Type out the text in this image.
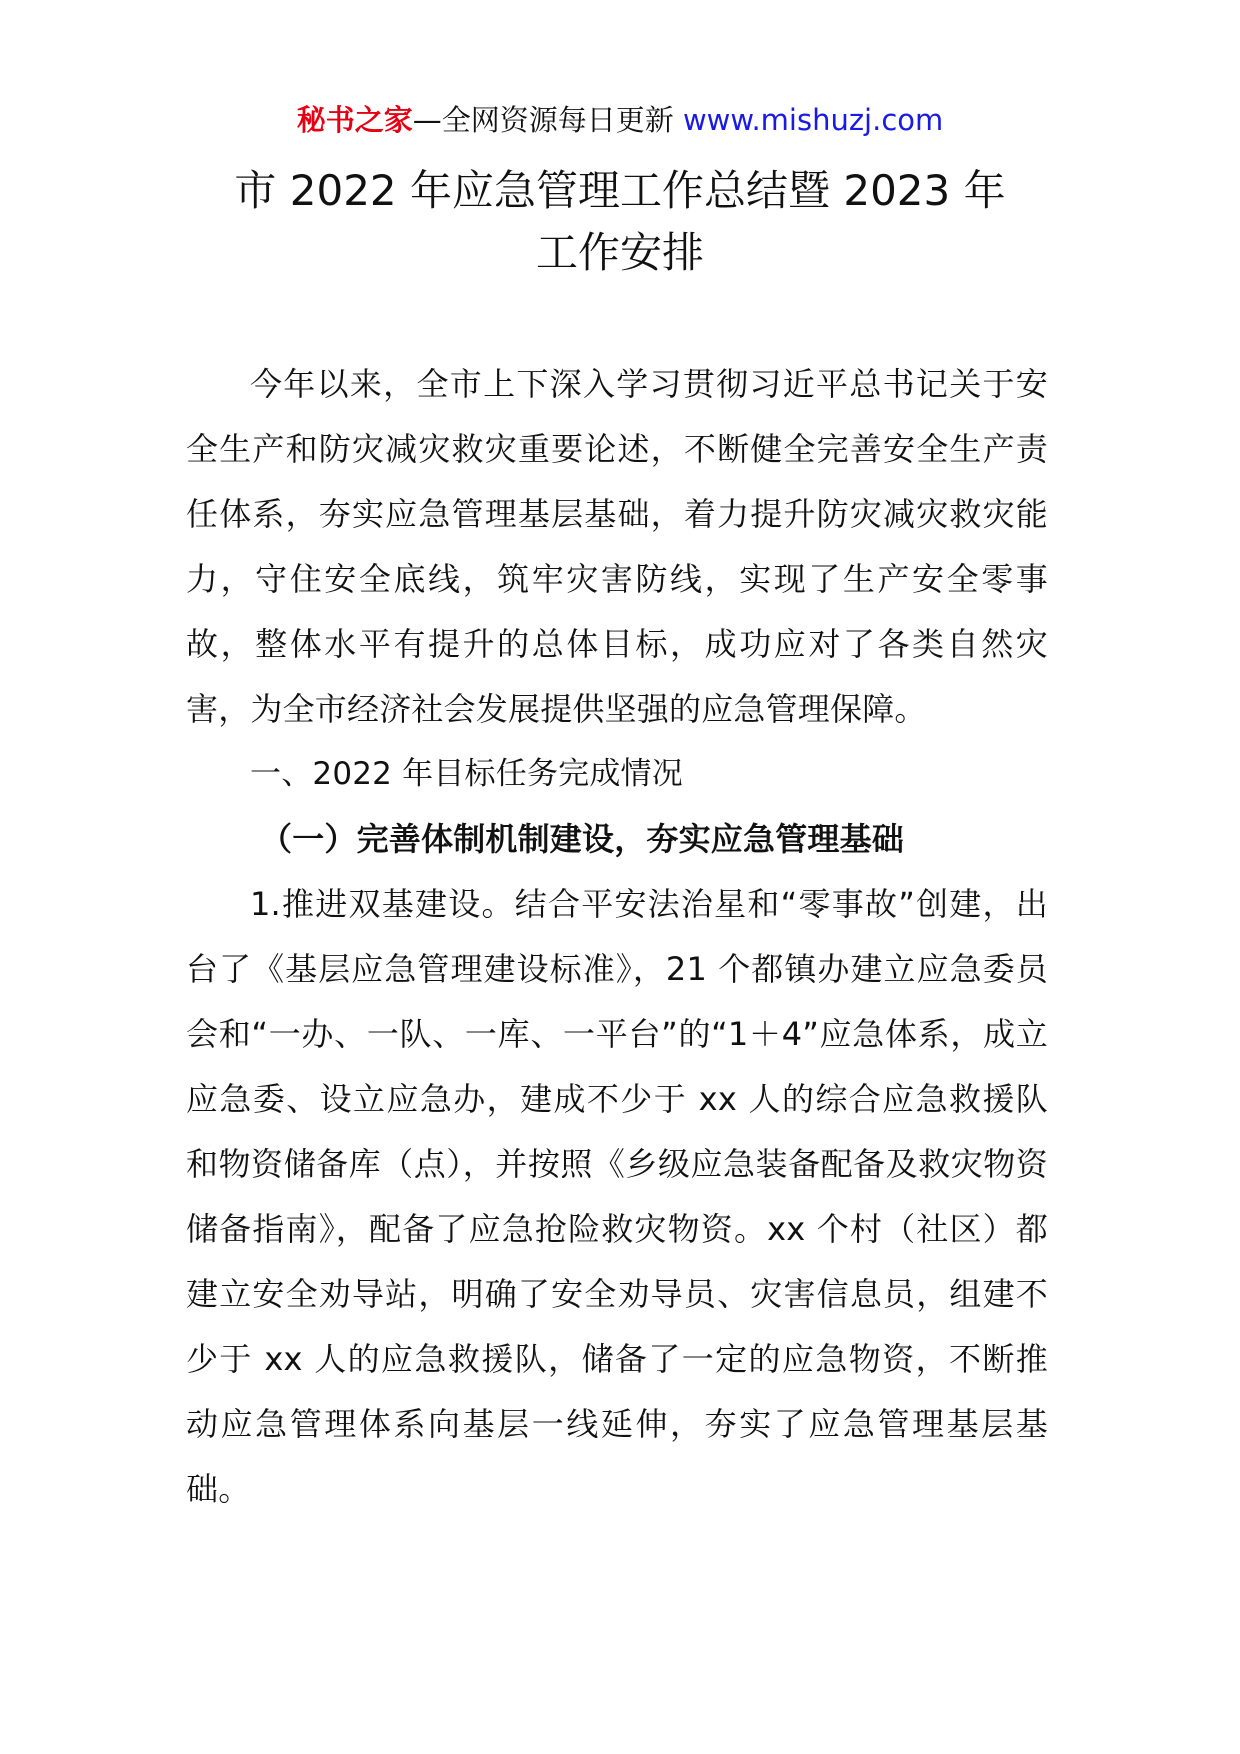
秘书之家—全网资源每日更新 www.mishuzj.com
市 2022 年应急管理工作总结暨 2023 年
工作安排

今年以来，全市上下深入学习贯彻习近平总书记关于安全生产和防灾减灾救灾重要论述，不断健全完善安全生产责任体系，夯实应急管理基层基础，着力提升防灾减灾救灾能力，守住安全底线，筑牢灾害防线，实现了生产安全零事故，整体水平有提升的总体目标，成功应对了各类自然灾害，为全市经济社会发展提供坚强的应急管理保障。

一、2022 年目标任务完成情况

（一）完善体制机制建设，夯实应急管理基础

1.推进双基建设。结合平安法治星和“零事故”创建，出台了《基层应急管理建设标准》，21 个都镇办建立应急委员会和“一办、一队、一库、一平台”的“1＋4”应急体系，成立应急委、设立应急办，建成不少于 xx 人的综合应急救援队和物资储备库（点），并按照《乡级应急装备配备及救灾物资储备指南》，配备了应急抢险救灾物资。xx 个村（社区）都建立安全劝导站，明确了安全劝导员、灾害信息员，组建不少于 xx 人的应急救援队，储备了一定的应急物资，不断推动应急管理体系向基层一线延伸，夯实了应急管理基层基础。
